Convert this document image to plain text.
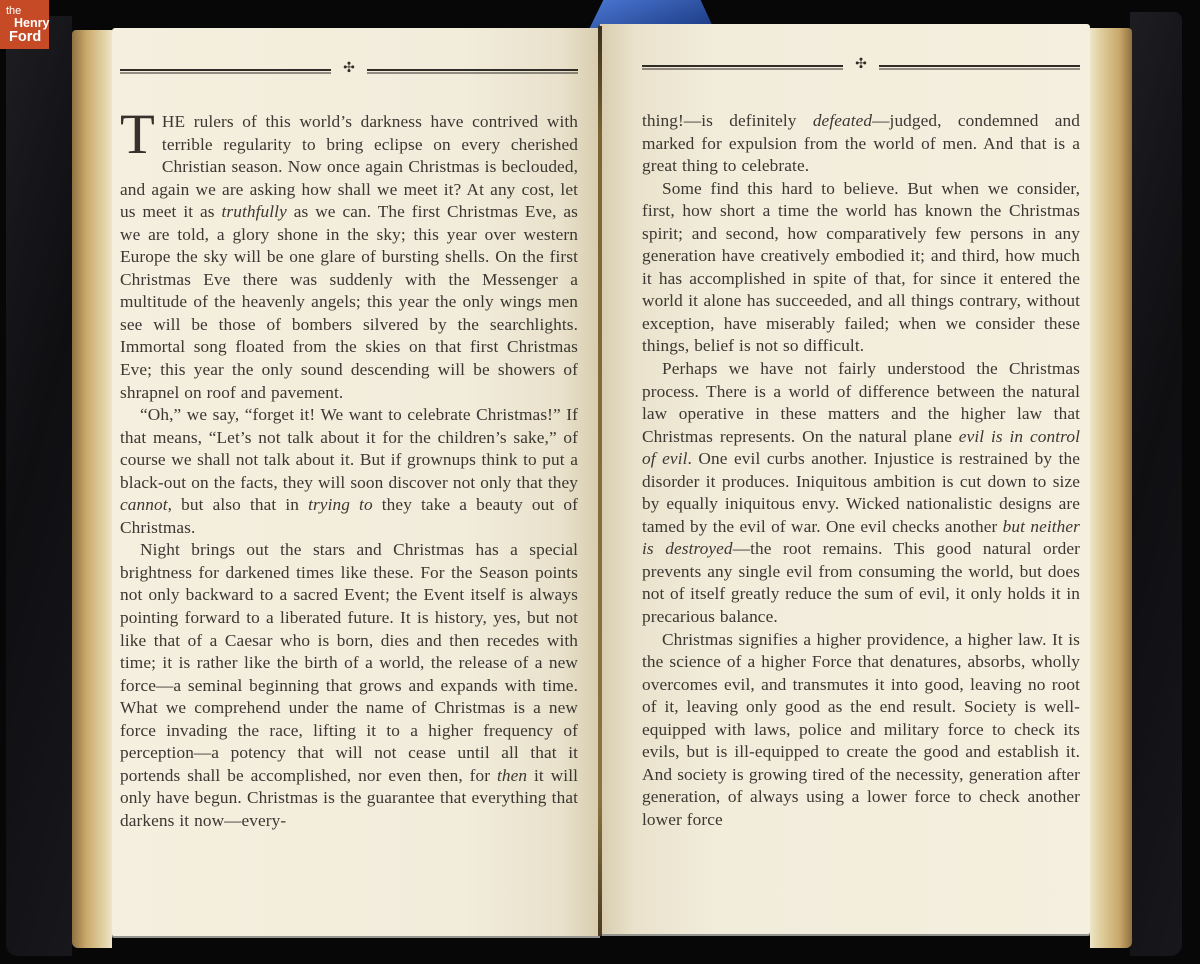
✣

THE rulers of this world’s darkness have contrived with terrible regularity to bring eclipse on every cherished Christian season. Now once again Christmas is beclouded, and again we are asking how shall we meet it? At any cost, let us meet it as truthfully as we can. The first Christmas Eve, as we are told, a glory shone in the sky; this year over western Europe the sky will be one glare of bursting shells. On the first Christmas Eve there was suddenly with the Messenger a multitude of the heavenly angels; this year the only wings men see will be those of bombers silvered by the searchlights. Immortal song floated from the skies on that first Christmas Eve; this year the only sound descending will be showers of shrapnel on roof and pavement.

“Oh,” we say, “forget it! We want to celebrate Christmas!” If that means, “Let’s not talk about it for the children’s sake,” of course we shall not talk about it. But if grownups think to put a black-out on the facts, they will soon discover not only that they cannot, but also that in trying to they take a beauty out of Christmas.

Night brings out the stars and Christmas has a special brightness for darkened times like these. For the Season points not only backward to a sacred Event; the Event itself is always pointing forward to a liberated future. It is history, yes, but not like that of a Caesar who is born, dies and then recedes with time; it is rather like the birth of a world, the release of a new force—a seminal beginning that grows and expands with time. What we comprehend under the name of Christmas is a new force invading the race, lifting it to a higher frequency of perception—a potency that will not cease until all that it portends shall be accomplished, nor even then, for then it will only have begun. Christmas is the guarantee that everything that darkens it now—every-

✣

thing!—is definitely defeated—judged, condemned and marked for expulsion from the world of men. And that is a great thing to celebrate.

Some find this hard to believe. But when we consider, first, how short a time the world has known the Christmas spirit; and second, how comparatively few persons in any generation have creatively embodied it; and third, how much it has accomplished in spite of that, for since it entered the world it alone has succeeded, and all things contrary, without exception, have miserably failed; when we consider these things, belief is not so difficult.

Perhaps we have not fairly understood the Christmas process. There is a world of difference between the natural law operative in these matters and the higher law that Christmas represents. On the natural plane evil is in control of evil. One evil curbs another. Injustice is restrained by the disorder it produces. Iniquitous ambition is cut down to size by equally iniquitous envy. Wicked nationalistic designs are tamed by the evil of war. One evil checks another but neither is destroyed—the root remains. This good natural order prevents any single evil from consuming the world, but does not of itself greatly reduce the sum of evil, it only holds it in precarious balance.

Christmas signifies a higher providence, a higher law. It is the science of a higher Force that denatures, absorbs, wholly overcomes evil, and transmutes it into good, leaving no root of it, leaving only good as the end result. Society is well-equipped with laws, police and military force to check its evils, but is ill-equipped to create the good and establish it. And society is growing tired of the necessity, generation after generation, of always using a lower force to check another lower force

the
Henry
Ford
